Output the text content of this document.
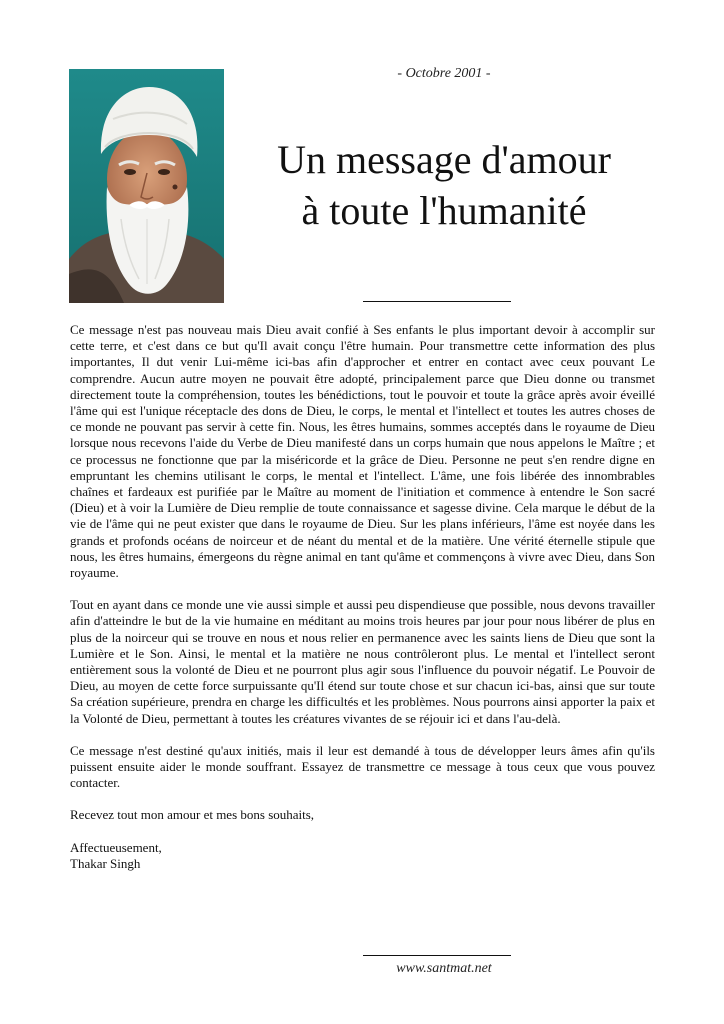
- Octobre 2001 -
Un message d'amour
à toute l'humanité

Ce message n'est pas nouveau mais Dieu avait confié à Ses enfants le plus important devoir à accomplir sur cette terre, et c'est dans ce but qu'Il avait conçu l'être humain. Pour transmettre cette information des plus importantes, Il dut venir Lui-même ici-bas afin d'approcher et entrer en contact avec ceux pouvant Le comprendre. Aucun autre moyen ne pouvait être adopté, principalement parce que Dieu donne ou transmet directement toute la compréhension, toutes les bénédictions, tout le pouvoir et toute la grâce après avoir éveillé l'âme qui est l'unique réceptacle des dons de Dieu, le corps, le mental et l'intellect et toutes les autres choses de ce monde ne pouvant pas servir à cette fin. Nous, les êtres humains, sommes acceptés dans le royaume de Dieu lorsque nous recevons l'aide du Verbe de Dieu manifesté dans un corps humain que nous appelons le Maître ; et ce processus ne fonctionne que par la miséricorde et la grâce de Dieu. Personne ne peut s'en rendre digne en empruntant les chemins utilisant le corps, le mental et l'intellect. L'âme, une fois libérée des innombrables chaînes et fardeaux est purifiée par le Maître au moment de l'initiation et commence à entendre le Son sacré (Dieu) et à voir la Lumière de Dieu remplie de toute connaissance et sagesse divine. Cela marque le début de la vie de l'âme qui ne peut exister que dans le royaume de Dieu. Sur les plans inférieurs, l'âme est noyée dans les grands et profonds océans de noirceur et de néant du mental et de la matière. Une vérité éternelle stipule que nous, les êtres humains, émergeons du règne animal en tant qu'âme et commençons à vivre avec Dieu, dans Son royaume.

Tout en ayant dans ce monde une vie aussi simple et aussi peu dispendieuse que possible, nous devons travailler afin d'atteindre le but de la vie humaine en méditant au moins trois heures par jour pour nous libérer de plus en plus de la noirceur qui se trouve en nous et nous relier en permanence avec les saints liens de Dieu que sont la Lumière et le Son. Ainsi, le mental et la matière ne nous contrôleront plus. Le mental et l'intellect seront entièrement sous la volonté de Dieu et ne pourront plus agir sous l'influence du pouvoir négatif. Le Pouvoir de Dieu, au moyen de cette force surpuissante qu'Il étend sur toute chose et sur chacun ici-bas, ainsi que sur toute Sa création supérieure, prendra en charge les difficultés et les problèmes. Nous pourrons ainsi apporter la paix et la Volonté de Dieu, permettant à toutes les créatures vivantes de se réjouir ici et dans l'au-delà.

Ce message n'est destiné qu'aux initiés, mais il leur est demandé à tous de développer leurs âmes afin qu'ils puissent ensuite aider le monde souffrant. Essayez de transmettre ce message à tous ceux que vous pouvez contacter.

Recevez tout mon amour et mes bons souhaits,

Affectueusement,

Thakar Singh

www.santmat.net
